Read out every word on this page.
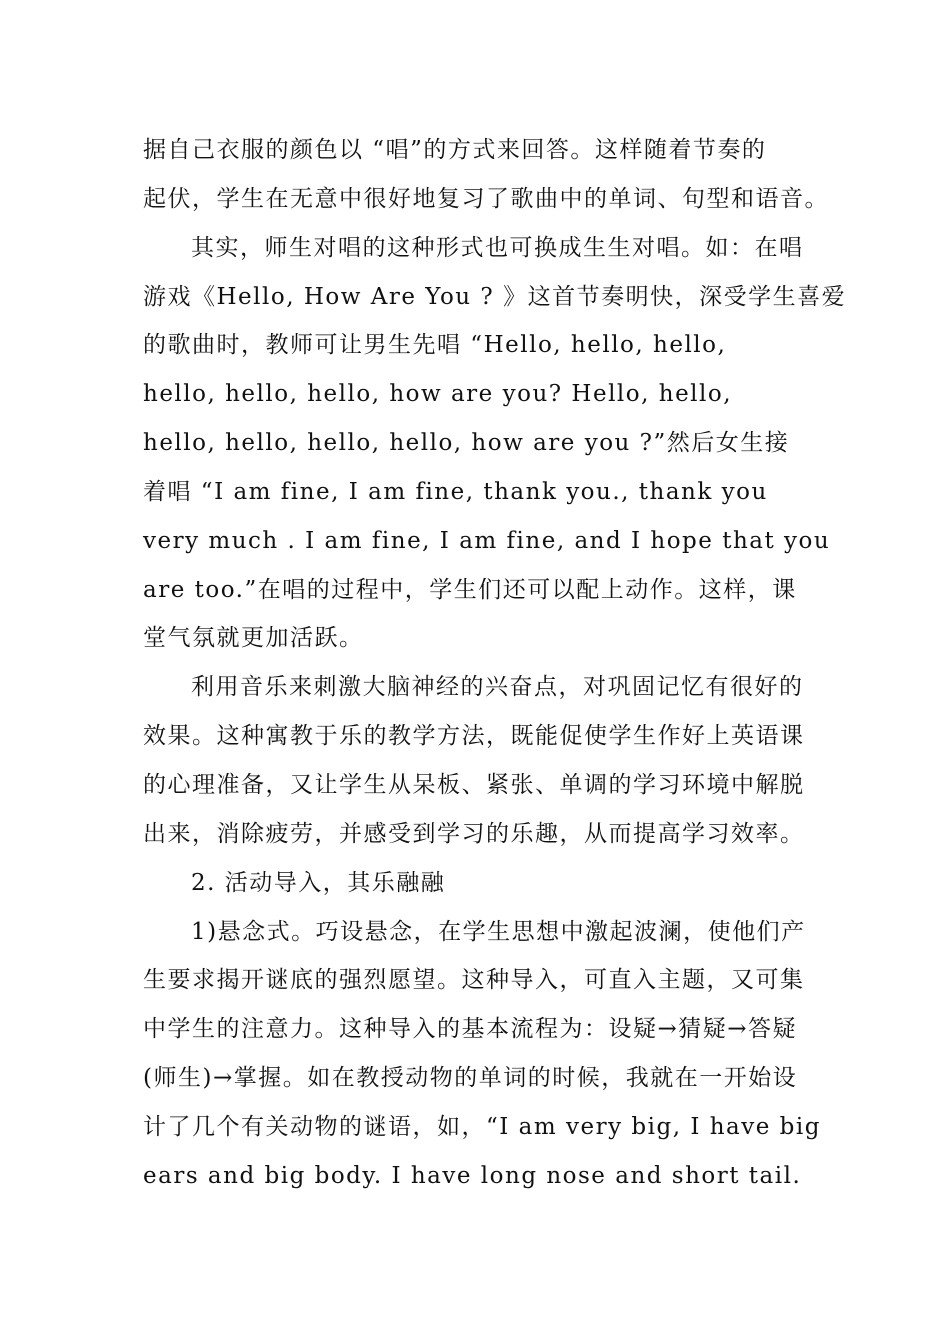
据自己衣服的颜色以 “唱”的方式来回答。这样随着节奏的
起伏，学生在无意中很好地复习了歌曲中的单词、句型和语音。
其实，师生对唱的这种形式也可换成生生对唱。如：在唱
游戏《Hello, How Are You ? 》这首节奏明快，深受学生喜爱
的歌曲时，教师可让男生先唱 “Hello, hello, hello,
hello, hello, hello, how are you? Hello, hello,
hello, hello, hello, hello, how are you ?”然后女生接
着唱 “I am fine, I am fine, thank you., thank you
very much . I am fine, I am fine, and I hope that you
are too.”在唱的过程中，学生们还可以配上动作。这样，课
堂气氛就更加活跃。
利用音乐来刺激大脑神经的兴奋点，对巩固记忆有很好的
效果。这种寓教于乐的教学方法，既能促使学生作好上英语课
的心理准备，又让学生从呆板、紧张、单调的学习环境中解脱
出来，消除疲劳，并感受到学习的乐趣，从而提高学习效率。
2. 活动导入，其乐融融
1)悬念式。巧设悬念，在学生思想中激起波澜，使他们产
生要求揭开谜底的强烈愿望。这种导入，可直入主题，又可集
中学生的注意力。这种导入的基本流程为：设疑→猜疑→答疑
(师生)→掌握。如在教授动物的单词的时候，我就在一开始设
计了几个有关动物的谜语，如，“I am very big, I have big
ears and big body. I have long nose and short tail.
